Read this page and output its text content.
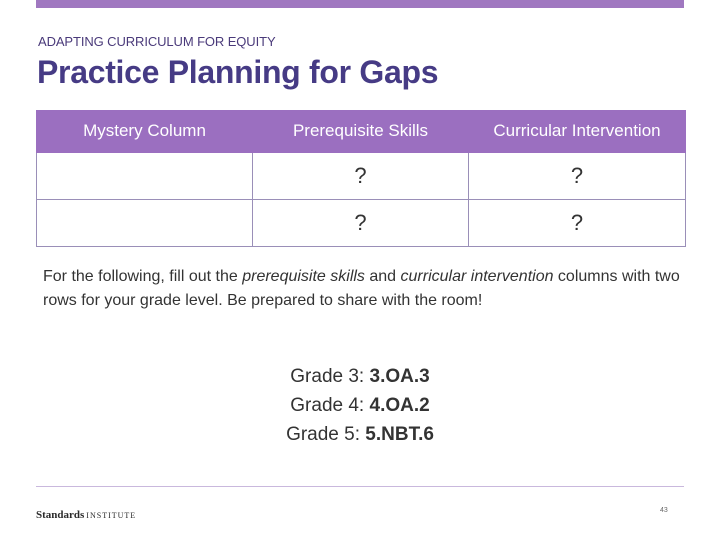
ADAPTING CURRICULUM FOR EQUITY
Practice Planning for Gaps
Mystery Column	Prerequisite Skills	Curricular Intervention
	?	?
	?	?
For the following, fill out the prerequisite skills and curricular intervention columns with two rows for your grade level. Be prepared to share with the room!
Grade 3: 3.OA.3
Grade 4: 4.OA.2
Grade 5: 5.NBT.6
Standards INSTITUTE
43
